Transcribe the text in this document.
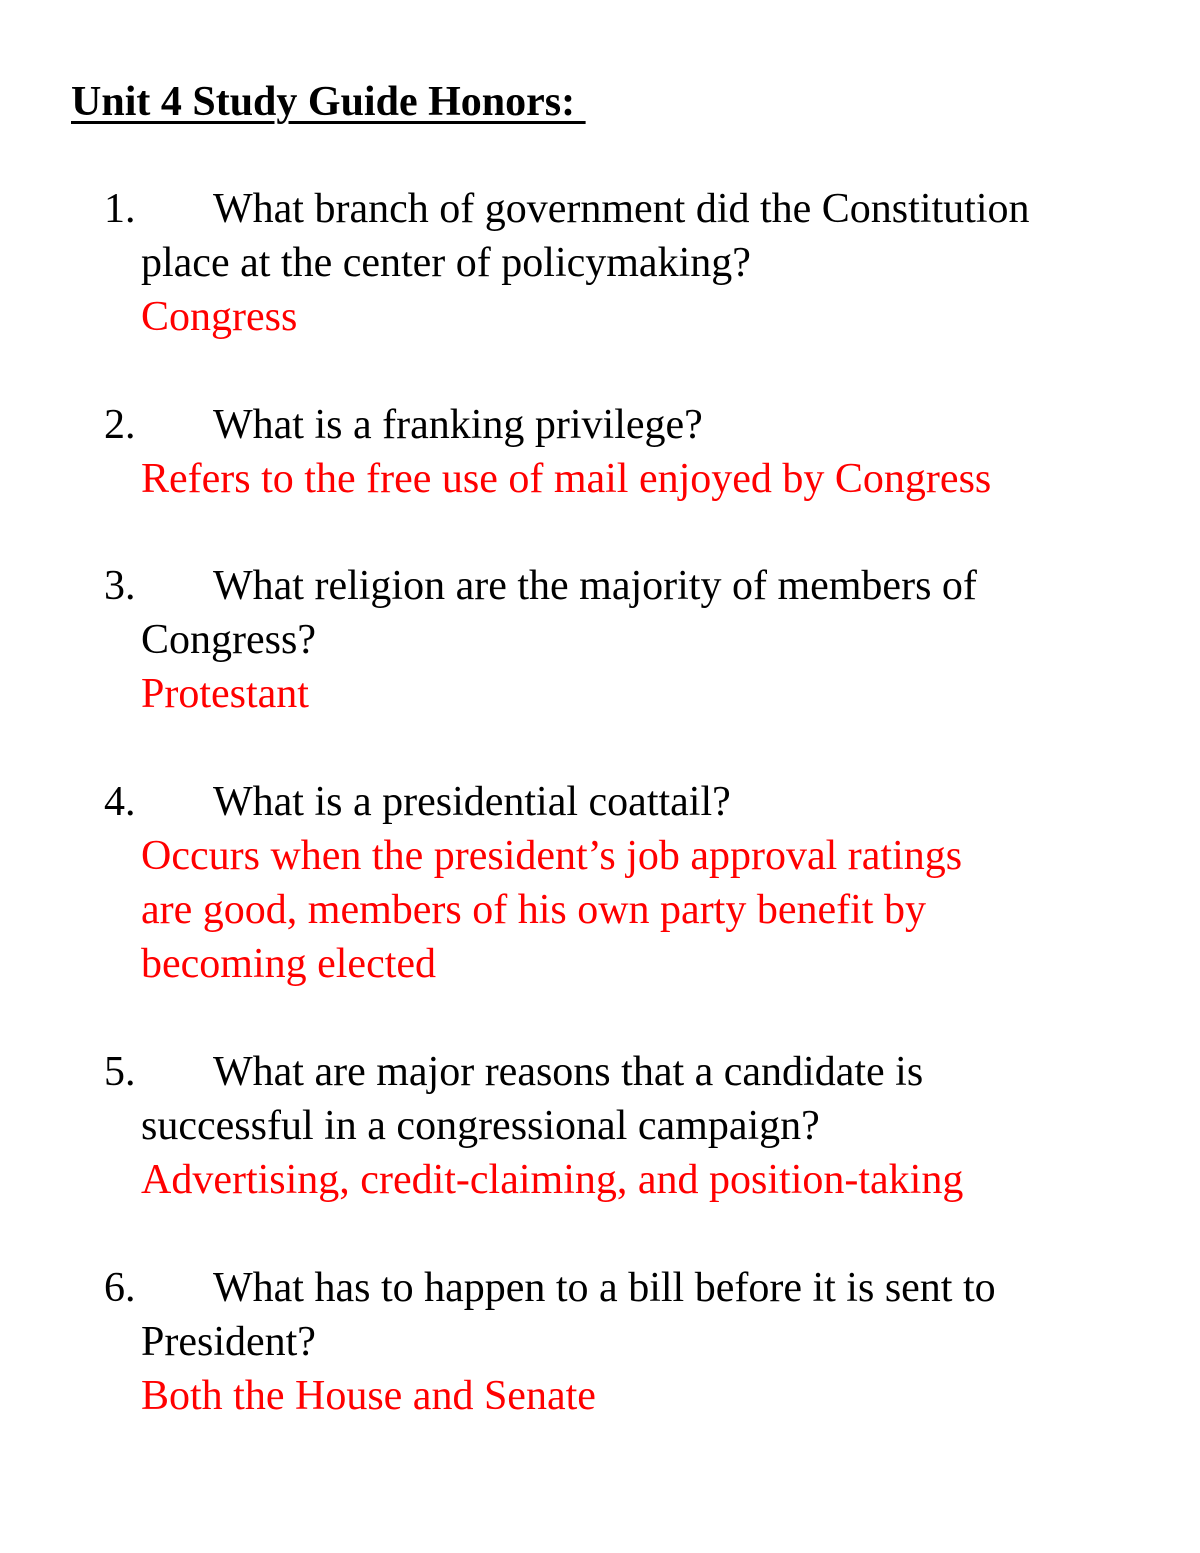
Unit 4 Study Guide Honors:
1. What branch of government did the Constitution
place at the center of policymaking?
Congress
2. What is a franking privilege?
Refers to the free use of mail enjoyed by Congress
3. What religion are the majority of members of
Congress?
Protestant
4. What is a presidential coattail?
Occurs when the president’s job approval ratings
are good, members of his own party benefit by
becoming elected
5. What are major reasons that a candidate is
successful in a congressional campaign?
Advertising, credit-claiming, and position-taking
6. What has to happen to a bill before it is sent to
President?
Both the House and Senate
